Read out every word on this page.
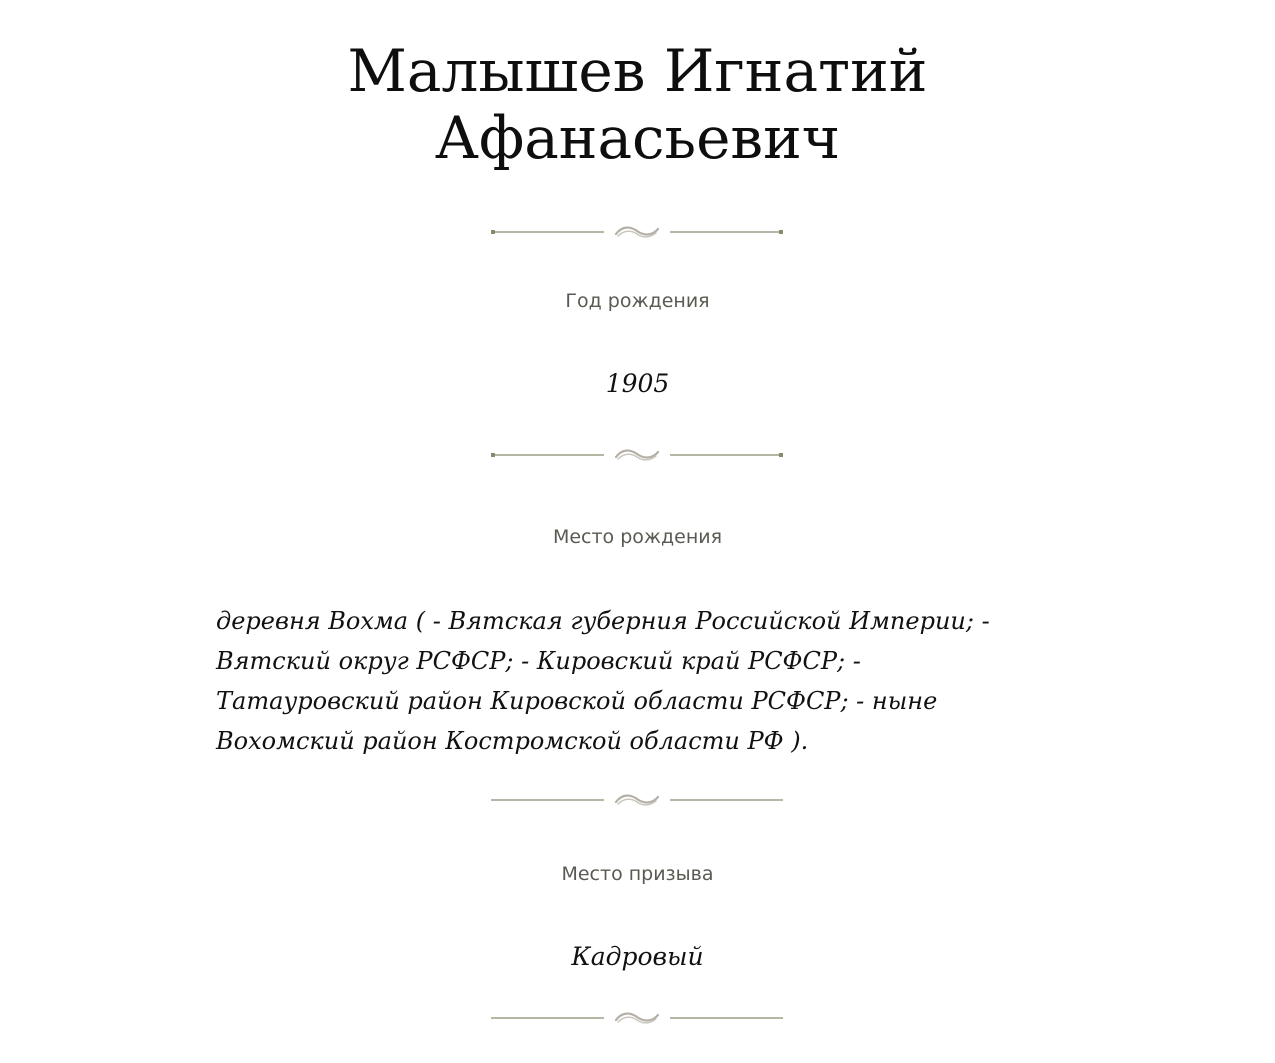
Малышев Игнатий
Афанасьевич

Год рождения

1905

Место рождения

деревня Вохма ( - Вятская губерния Российской Империи; - Вятский округ РСФСР; - Кировский край РСФСР; - Татауровский район Кировской области РСФСР; - ныне Вохомский район Костромской области РФ ).

Место призыва

Кадровый
